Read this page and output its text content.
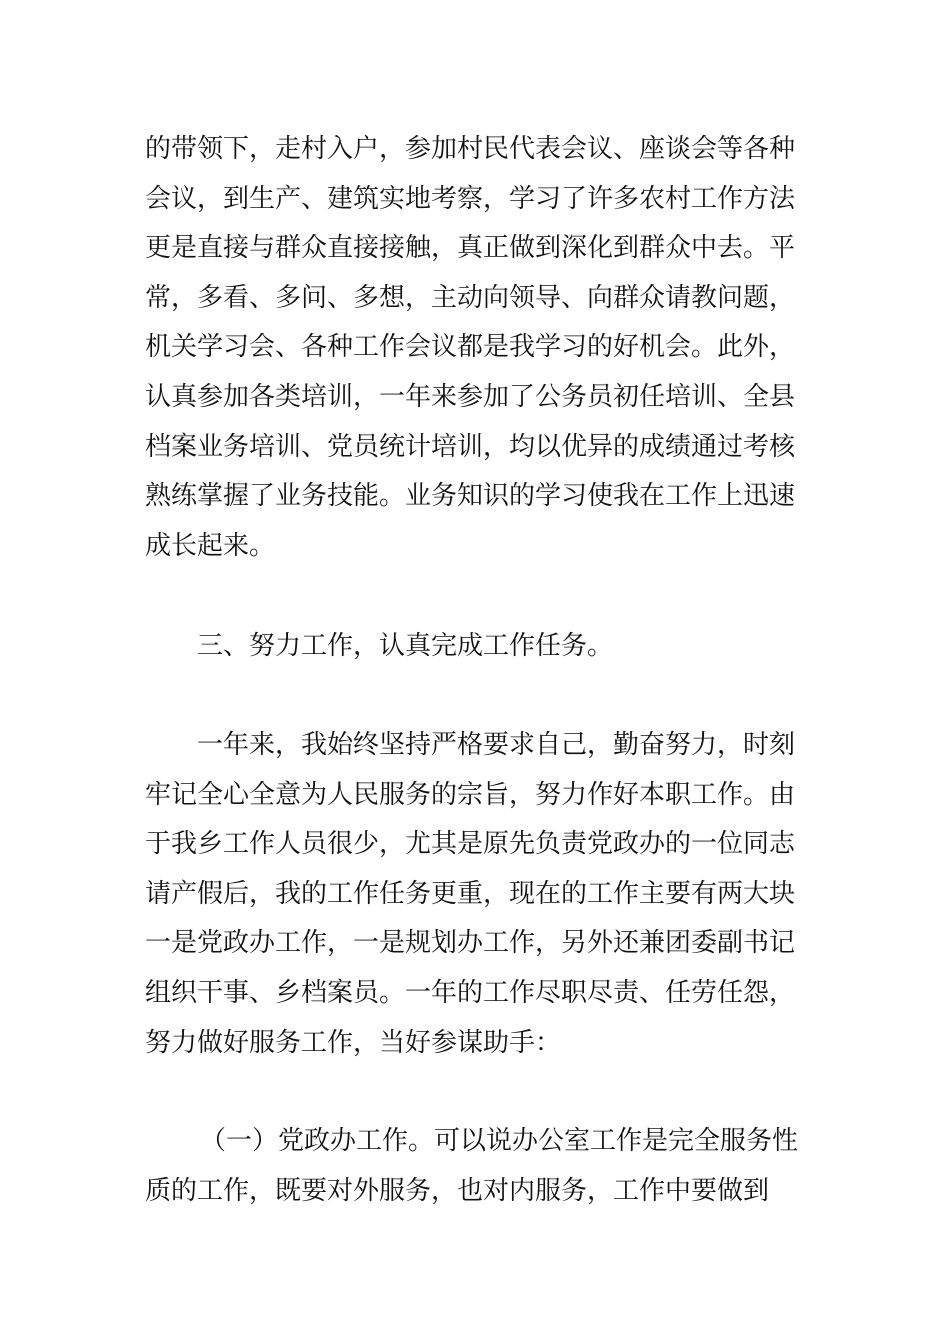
的带领下，走村入户，参加村民代表会议、座谈会等各种
会议，到生产、建筑实地考察，学习了许多农村工作方法
更是直接与群众直接接触，真正做到深化到群众中去。平
常，多看、多问、多想，主动向领导、向群众请教问题，
机关学习会、各种工作会议都是我学习的好机会。此外，
认真参加各类培训，一年来参加了公务员初任培训、全县
档案业务培训、党员统计培训，均以优异的成绩通过考核
熟练掌握了业务技能。业务知识的学习使我在工作上迅速
成长起来。
三、努力工作，认真完成工作任务。
一年来，我始终坚持严格要求自己，勤奋努力，时刻
牢记全心全意为人民服务的宗旨，努力作好本职工作。由
于我乡工作人员很少，尤其是原先负责党政办的一位同志
请产假后，我的工作任务更重，现在的工作主要有两大块
一是党政办工作，一是规划办工作，另外还兼团委副书记
组织干事、乡档案员。一年的工作尽职尽责、任劳任怨，
努力做好服务工作，当好参谋助手：
（一）党政办工作。可以说办公室工作是完全服务性
质的工作，既要对外服务，也对内服务，工作中要做到
